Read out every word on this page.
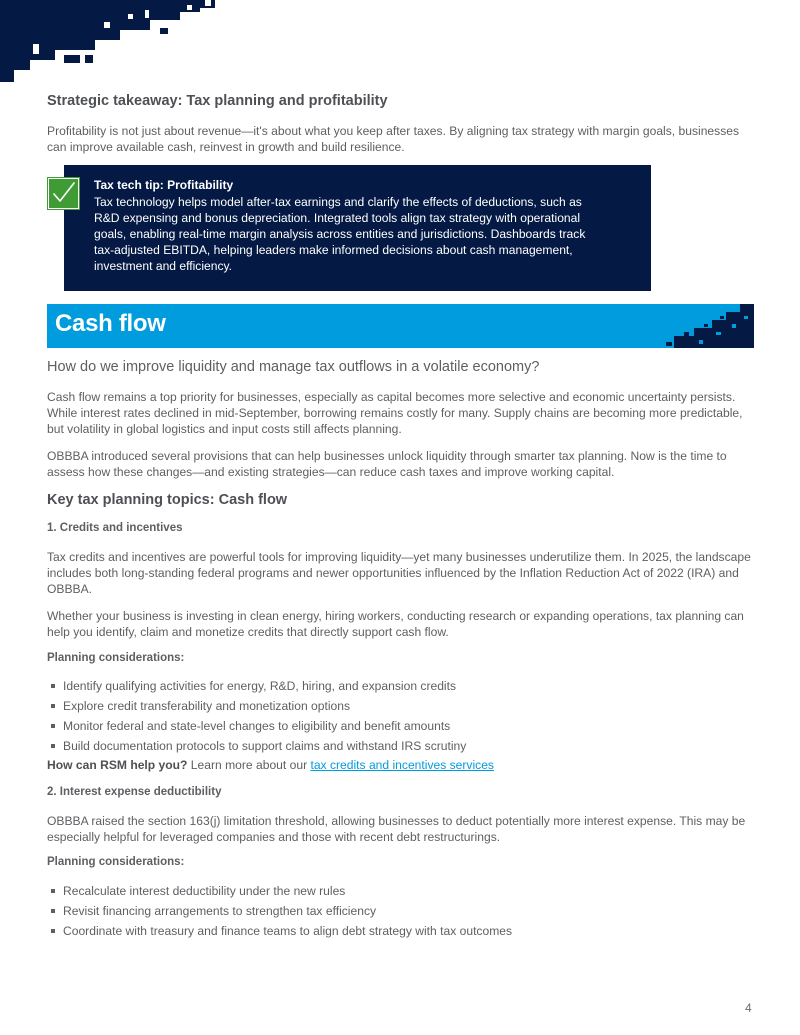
Strategic takeaway: Tax planning and profitability

Profitability is not just about revenue—it's about what you keep after taxes. By aligning tax strategy with margin goals, businesses can improve available cash, reinvest in growth and build resilience.

Tax tech tip: Profitability

Tax technology helps model after-tax earnings and clarify the effects of deductions, such as R&D expensing and bonus depreciation. Integrated tools align tax strategy with operational goals, enabling real-time margin analysis across entities and jurisdictions. Dashboards track tax-adjusted EBITDA, helping leaders make informed decisions about cash management, investment and efficiency.

Cash flow
How do we improve liquidity and manage tax outflows in a volatile economy?

Cash flow remains a top priority for businesses, especially as capital becomes more selective and economic uncertainty persists. While interest rates declined in mid-September, borrowing remains costly for many. Supply chains are becoming more predictable, but volatility in global logistics and input costs still affects planning.

OBBBA introduced several provisions that can help businesses unlock liquidity through smarter tax planning. Now is the time to assess how these changes—and existing strategies—can reduce cash taxes and improve working capital.

Key tax planning topics: Cash flow
1. Credits and incentives

Tax credits and incentives are powerful tools for improving liquidity—yet many businesses underutilize them. In 2025, the landscape includes both long-standing federal programs and newer opportunities influenced by the Inflation Reduction Act of 2022 (IRA) and OBBBA.

Whether your business is investing in clean energy, hiring workers, conducting research or expanding operations, tax planning can help you identify, claim and monetize credits that directly support cash flow.

Planning considerations:
Identify qualifying activities for energy, R&D, hiring, and expansion credits
Explore credit transferability and monetization options
Monitor federal and state-level changes to eligibility and benefit amounts
Build documentation protocols to support claims and withstand IRS scrutiny
How can RSM help you? Learn more about our tax credits and incentives services
2. Interest expense deductibility

OBBBA raised the section 163(j) limitation threshold, allowing businesses to deduct potentially more interest expense. This may be especially helpful for leveraged companies and those with recent debt restructurings.

Planning considerations:
Recalculate interest deductibility under the new rules
Revisit financing arrangements to strengthen tax efficiency
Coordinate with treasury and finance teams to align debt strategy with tax outcomes
4
